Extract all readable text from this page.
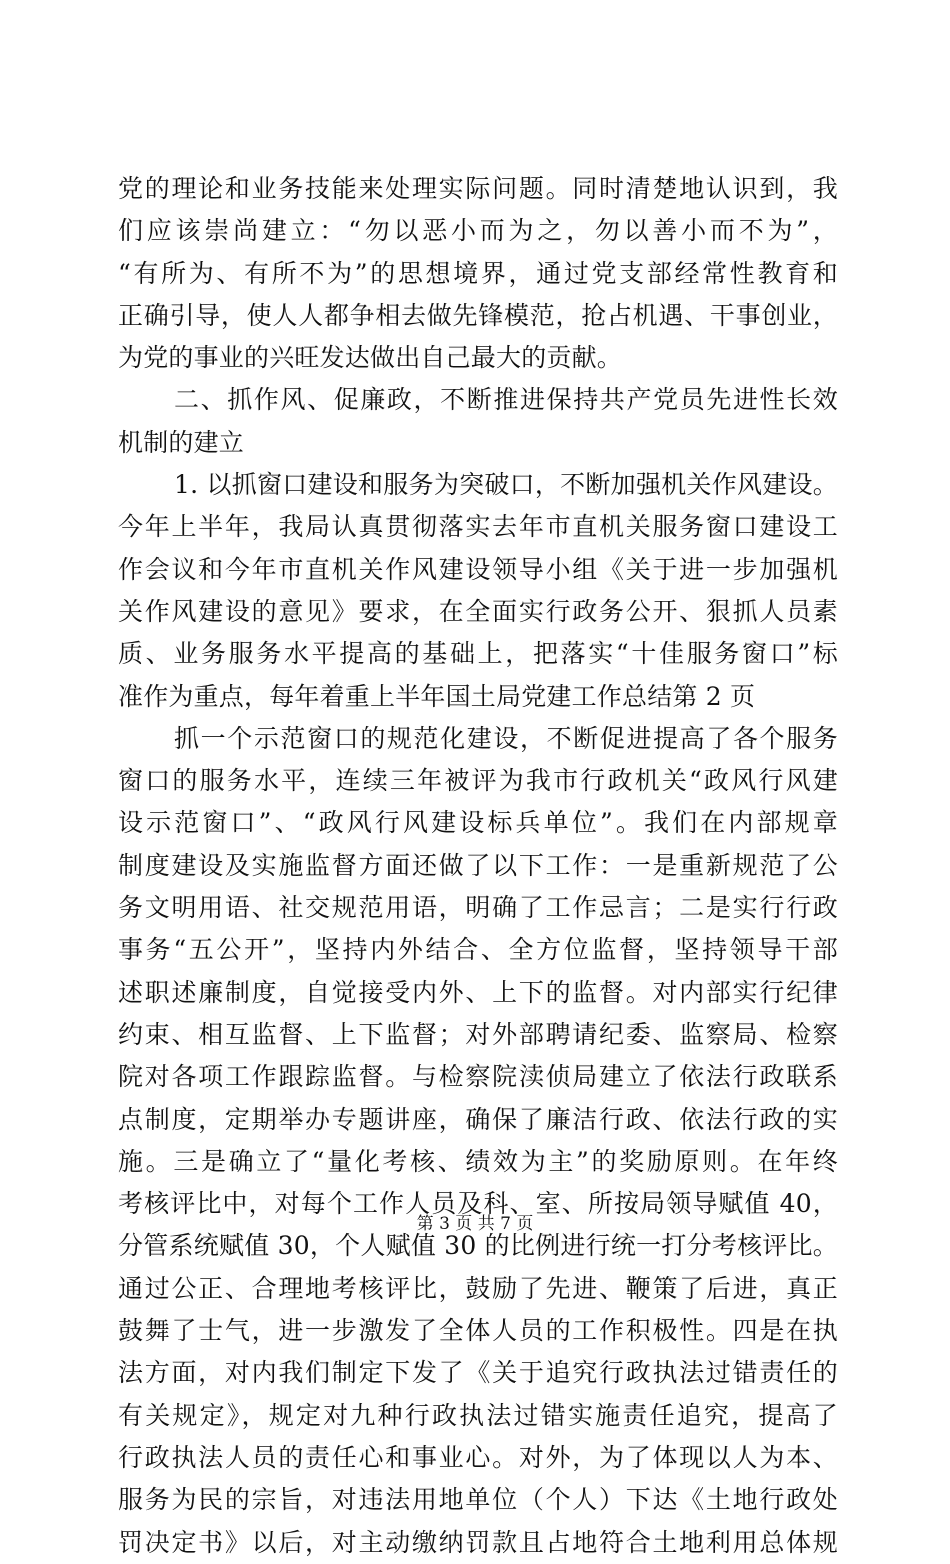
党的理论和业务技能来处理实际问题。同时清楚地认识到，我
们应该崇尚建立：“勿以恶小而为之，勿以善小而不为”，
“有所为、有所不为”的思想境界，通过党支部经常性教育和
正确引导，使人人都争相去做先锋模范，抢占机遇、干事创业，
为党的事业的兴旺发达做出自己最大的贡献。
二、抓作风、促廉政，不断推进保持共产党员先进性长效
机制的建立
1. 以抓窗口建设和服务为突破口，不断加强机关作风建设。
今年上半年，我局认真贯彻落实去年市直机关服务窗口建设工
作会议和今年市直机关作风建设领导小组《关于进一步加强机
关作风建设的意见》要求，在全面实行政务公开、狠抓人员素
质、业务服务水平提高的基础上，把落实“十佳服务窗口”标
准作为重点，每年着重上半年国土局党建工作总结第 2 页
抓一个示范窗口的规范化建设，不断促进提高了各个服务
窗口的服务水平，连续三年被评为我市行政机关“政风行风建
设示范窗口”、“政风行风建设标兵单位”。我们在内部规章
制度建设及实施监督方面还做了以下工作：一是重新规范了公
务文明用语、社交规范用语，明确了工作忌言；二是实行行政
事务“五公开”，坚持内外结合、全方位监督，坚持领导干部
述职述廉制度，自觉接受内外、上下的监督。对内部实行纪律
约束、相互监督、上下监督；对外部聘请纪委、监察局、检察
院对各项工作跟踪监督。与检察院渎侦局建立了依法行政联系
点制度，定期举办专题讲座，确保了廉洁行政、依法行政的实
施。三是确立了“量化考核、绩效为主”的奖励原则。在年终
考核评比中，对每个工作人员及科、室、所按局领导赋值 40，
分管系统赋值 30，个人赋值 30 的比例进行统一打分考核评比。
通过公正、合理地考核评比，鼓励了先进、鞭策了后进，真正
鼓舞了士气，进一步激发了全体人员的工作积极性。四是在执
法方面，对内我们制定下发了《关于追究行政执法过错责任的
有关规定》，规定对九种行政执法过错实施责任追究，提高了
行政执法人员的责任心和事业心。对外，为了体现以人为本、
服务为民的宗旨，对违法用地单位（个人）下达《土地行政处
罚决定书》以后，对主动缴纳罚款且占地符合土地利用总体规
第 3 页 共 7 页
